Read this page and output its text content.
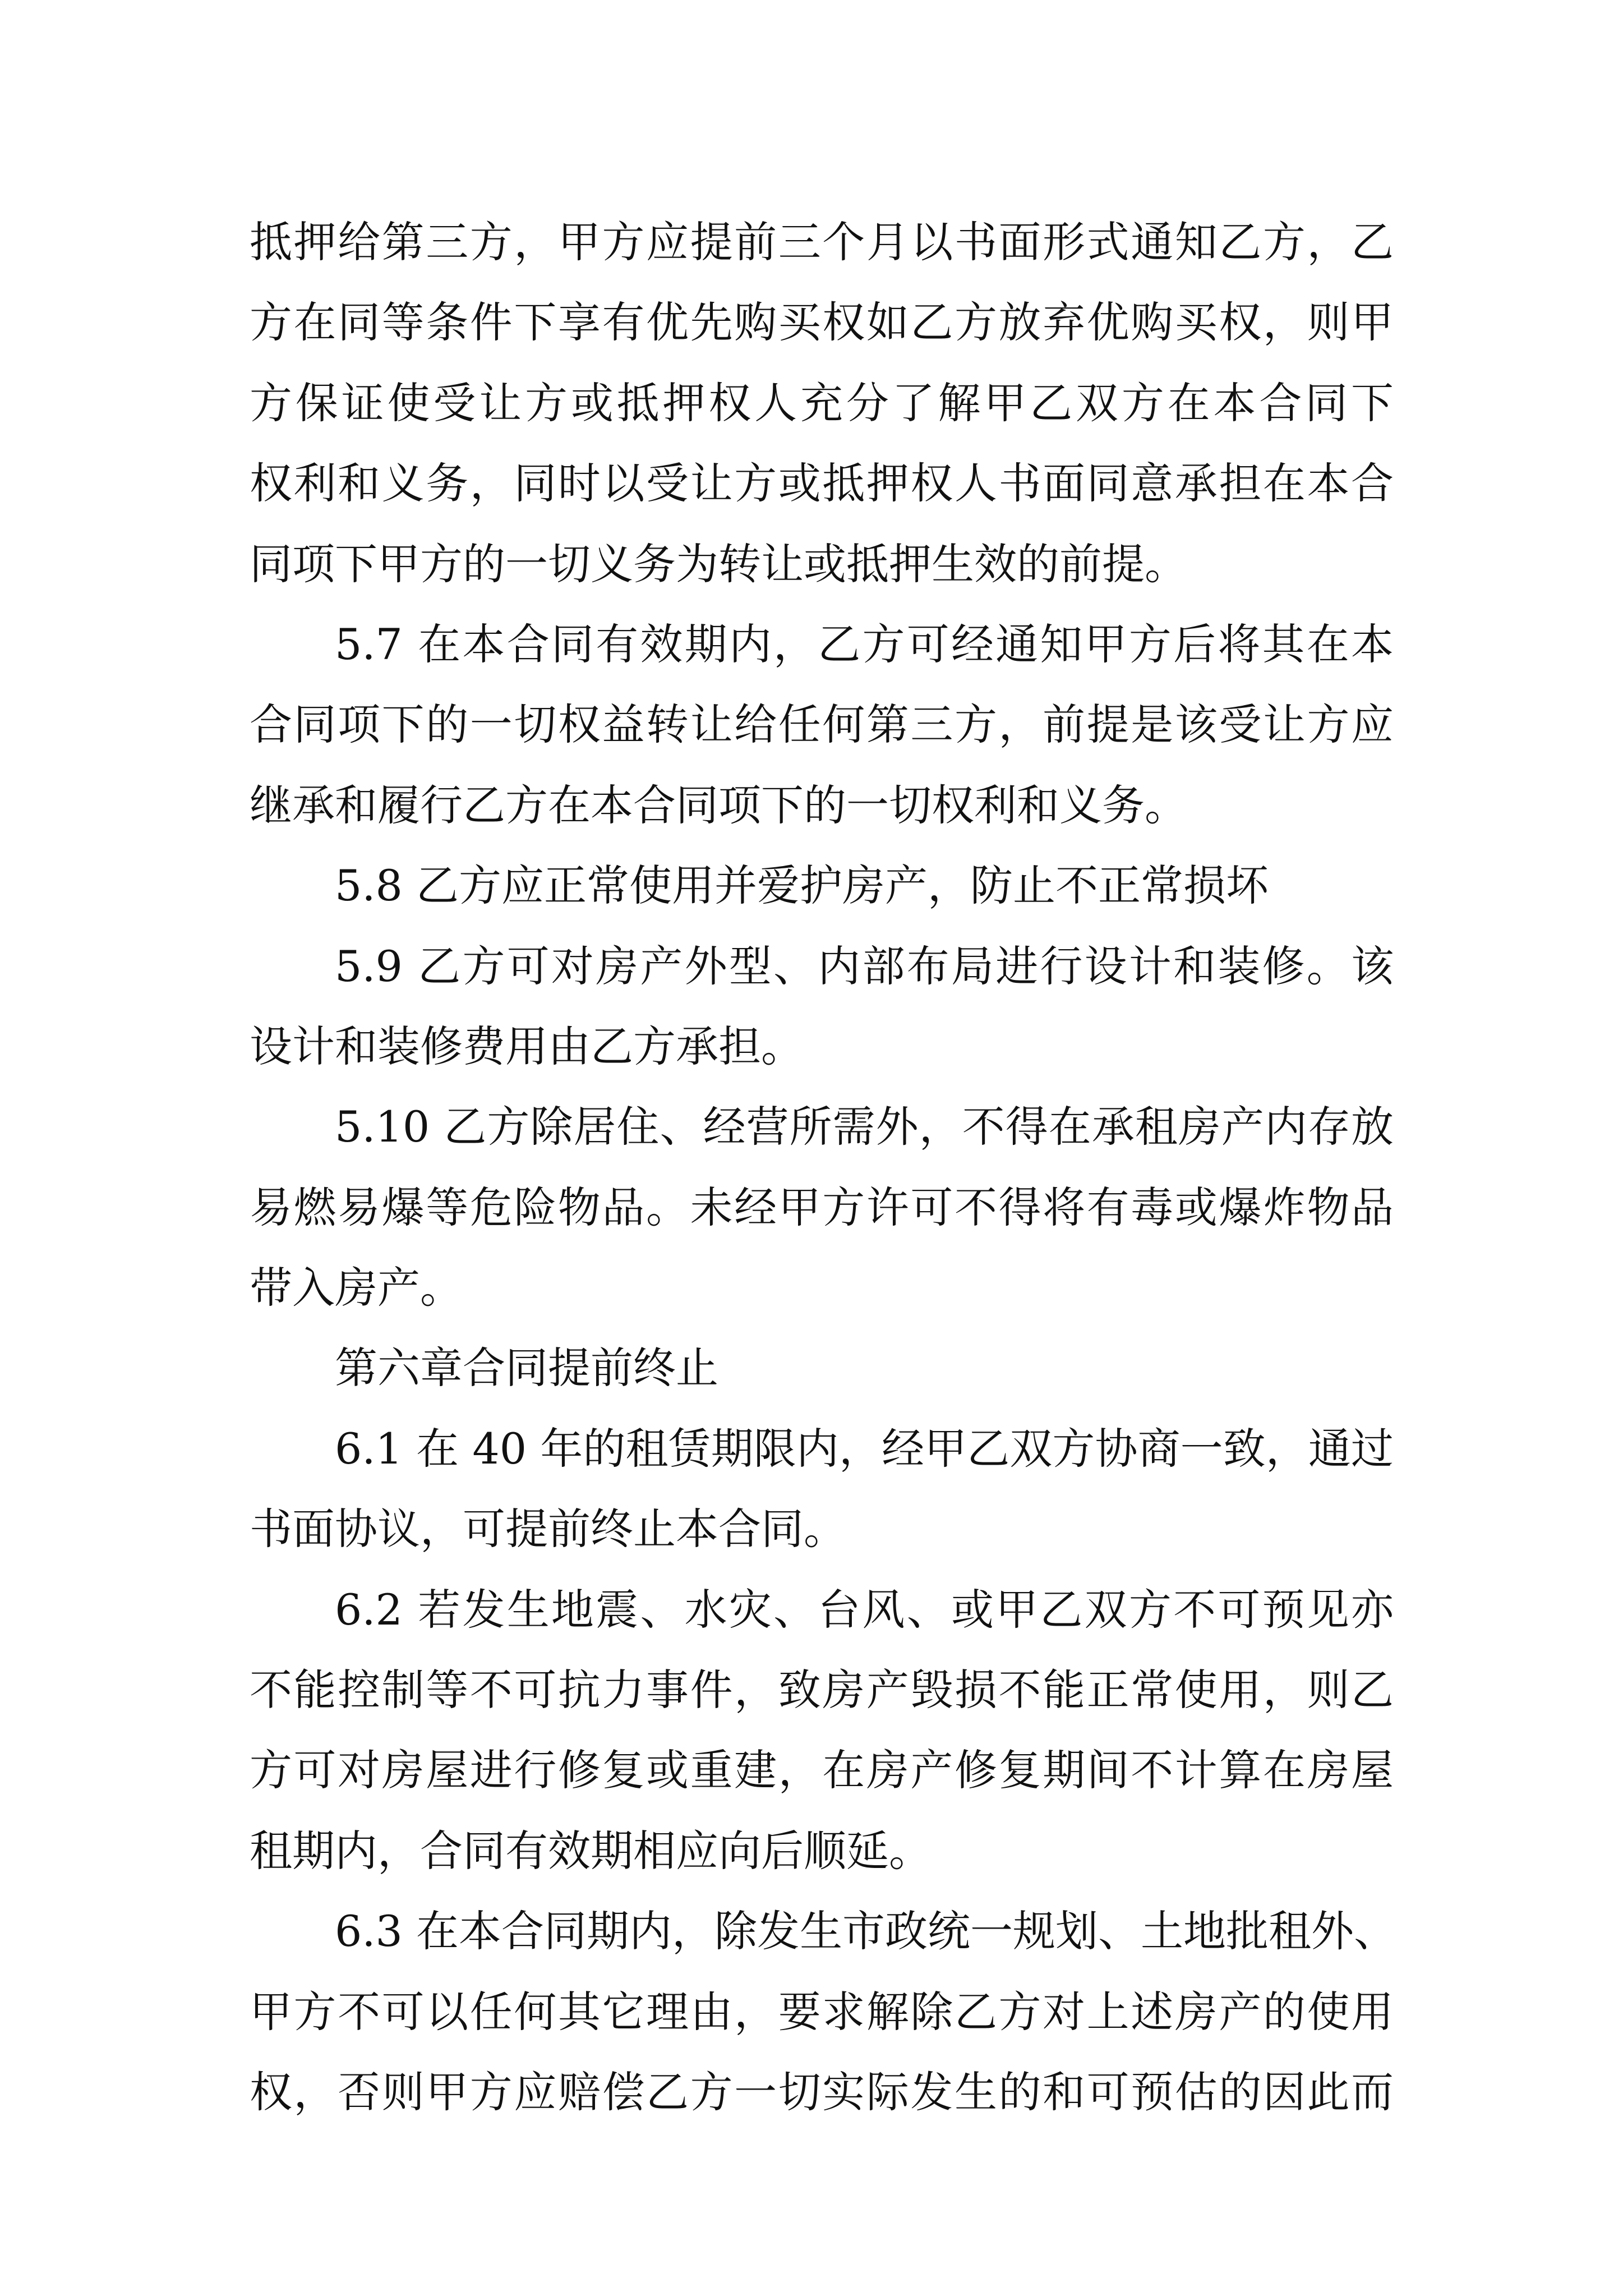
抵押给第三方，甲方应提前三个月以书面形式通知乙方，乙
方在同等条件下享有优先购买权如乙方放弃优购买权，则甲
方保证使受让方或抵押权人充分了解甲乙双方在本合同下
权利和义务，同时以受让方或抵押权人书面同意承担在本合
同项下甲方的一切义务为转让或抵押生效的前提。
5.7 在本合同有效期内，乙方可经通知甲方后将其在本
合同项下的一切权益转让给任何第三方，前提是该受让方应
继承和履行乙方在本合同项下的一切权利和义务。
5.8 乙方应正常使用并爱护房产，防止不正常损坏
5.9 乙方可对房产外型、内部布局进行设计和装修。该
设计和装修费用由乙方承担。
5.10 乙方除居住、经营所需外，不得在承租房产内存放
易燃易爆等危险物品。未经甲方许可不得将有毒或爆炸物品
带入房产。
第六章合同提前终止
6.1 在 40 年的租赁期限内，经甲乙双方协商一致，通过
书面协议，可提前终止本合同。
6.2 若发生地震、水灾、台风、或甲乙双方不可预见亦
不能控制等不可抗力事件，致房产毁损不能正常使用，则乙
方可对房屋进行修复或重建，在房产修复期间不计算在房屋
租期内，合同有效期相应向后顺延。
6.3 在本合同期内，除发生市政统一规划、土地批租外、
甲方不可以任何其它理由，要求解除乙方对上述房产的使用
权，否则甲方应赔偿乙方一切实际发生的和可预估的因此而
